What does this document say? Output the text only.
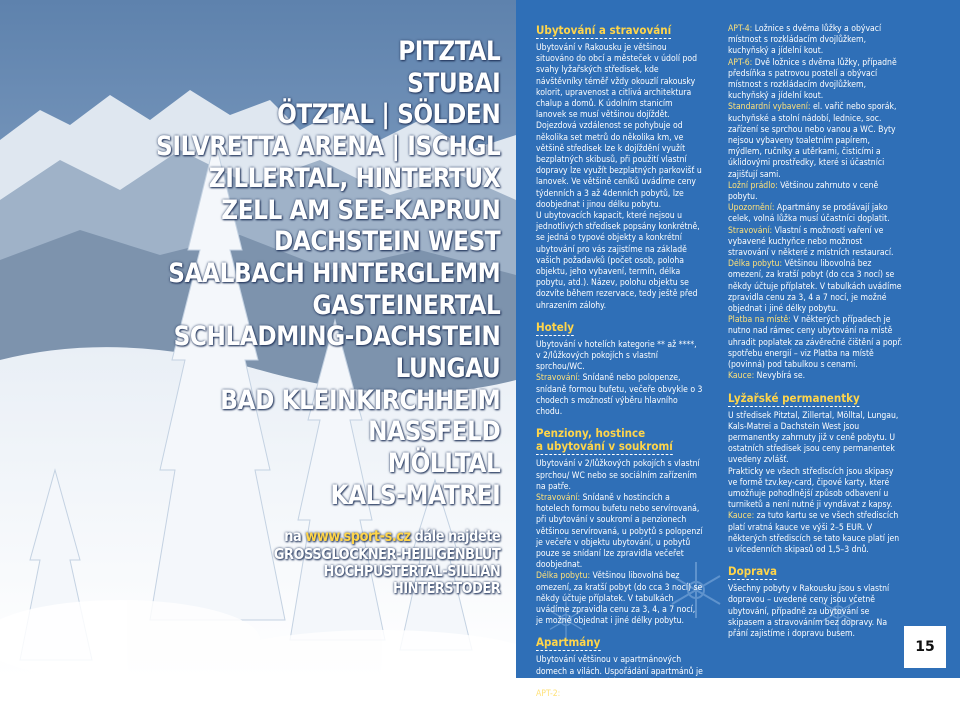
PITZTAL
STUBAI
ÖTZTAL | SÖLDEN
SILVRETTA ARENA | ISCHGL
ZILLERTAL, HINTERTUX
ZELL AM SEE-KAPRUN
DACHSTEIN WEST
SAALBACH HINTERGLEMM
GASTEINERTAL
SCHLADMING-DACHSTEIN
LUNGAU
BAD KLEINKIRCHHEIM
NASSFELD
MÖLLTAL
KALS-MATREI
na www.sport-s.cz dále najdete
GROSSGLOCKNER-HEILIGENBLUT
HOCHPUSTERTAL-SILLIAN
HINTERSTODER
Ubytování a stravování

Ubytování v Rakousku je většinou situováno do obcí a městeček v údolí pod svahy lyžařských středisek, kde návštěvníky téměř vždy okouzlí rakousky kolorit, upravenost a citlivá architektura chalup a domů. K údolním stanicím lanovek se musí většinou dojíždět. Dojezdová vzdálenost se pohybuje od několika set metrů do několika km, ve většině středisek lze k dojíždění využít bezplatných skibusů, při použití vlastní dopravy lze využít bezplatných parkovišť u lanovek. Ve většině ceníků uvádíme ceny týdenních a 3 až 4denních pobytů, lze doobjednat i jinou délku pobytu.

U ubytovacích kapacit, které nejsou u jednotlivých středisek popsány konkrétně, se jedná o typové objekty a konkrétní ubytování pro vás zajistíme na základě vašich požadavků (počet osob, poloha objektu, jeho vybavení, termín, délka pobytu, atd.). Název, polohu objektu se dozvíte během rezervace, tedy ještě před uhrazením zálohy.

Hotely

Ubytování v hotelích kategorie ** až ****, v 2/lůžkových pokojích s vlastní sprchou/WC.

Stravování: Snídaně nebo polopenze, snídaně formou bufetu, večeře obvykle o 3 chodech s možností výběru hlavního chodu.

Penziony, hostince
a ubytování v soukromí

Ubytování v 2/lůžkových pokojích s vlastní sprchou/ WC nebo se sociálním zařízením na patře.

Stravování: Snídaně v hostincích a hotelech formou bufetu nebo servírovaná, při ubytování v soukromí a penzionech většinou servírovaná, u pobytů s polopenzí je večeře v objektu ubytování, u pobytů pouze se snídaní lze zpravidla večeřet doobjednat.

Délka pobytu: Většinou libovolná bez omezení, za kratší pobyt (do cca 3 nocí) se někdy účtuje příplatek. V tabulkách uvádíme zpravidla cenu za 3, 4, a 7 nocí, je možné objednat i jiné délky pobytu.

Apartmány

Ubytování většinou v apartmánových domech a vilách. Uspořádání apartmánů je zpravidla následující:

APT-2: Jedna obývací místnost se dvěma lůžky, kuchyňským a jídelním koutem.

APT-4: Ložnice s dvěma lůžky a obývací místnost s rozkládacím dvojlůžkem, kuchyňský a jídelní kout.

APT-6: Dvě ložnice s dvěma lůžky, případně předsíňka s patrovou postelí a obývací místnost s rozkládacím dvojlůžkem, kuchyňský a jídelní kout.

Standardní vybavení: el. vařič nebo sporák, kuchyňské a stolní nádobí, lednice, soc. zařízení se sprchou nebo vanou a WC. Byty nejsou vybaveny toaletním papírem, mýdlem, ručníky a utěrkami, čisticími a úklidovými prostředky, které si účastníci zajišťují sami.

Ložní prádlo: Většinou zahrnuto v ceně pobytu.

Upozornění: Apartmány se prodávají jako celek, volná lůžka musí účastníci doplatit.

Stravování: Vlastní s možností vaření ve vybavené kuchyňce nebo možnost stravování v některé z místních restaurací.

Délka pobytu: Většinou libovolná bez omezení, za kratší pobyt (do cca 3 nocí) se někdy účtuje příplatek. V tabulkách uvádíme zpravidla cenu za 3, 4 a 7 nocí, je možné objednat i jiné délky pobytu.

Platba na místě: V některých případech je nutno nad rámec ceny ubytování na místě uhradit poplatek za závěrečné čištění a popř. spotřebu energií – viz Platba na místě (povinná) pod tabulkou s cenami.

Kauce: Nevybírá se.

Lyžařské permanentky

U středisek Pitztal, Zillertal, Mölltal, Lungau, Kals-Matrei a Dachstein West jsou permanentky zahrnuty již v ceně pobytu. U ostatních středisek jsou ceny permanentek uvedeny zvlášť.

Prakticky ve všech střediscích jsou skipasy ve formě tzv.key-card, čipové karty, které umožňuje pohodlnější způsob odbavení u turniketů a není nutné ji vyndávat z kapsy.

Kauce: za tuto kartu se ve všech střediscích platí vratná kauce ve výši 2–5 EUR. V některých střediscích se tato kauce platí jen u vícedenních skipasů od 1,5–3 dnů.

Doprava

Všechny pobyty v Rakousku jsou s vlastní dopravou – uvedené ceny jsou včetně ubytování, případně za ubytování se skipasem a stravováním bez dopravy. Na přání zajistíme i dopravu busem.

15
